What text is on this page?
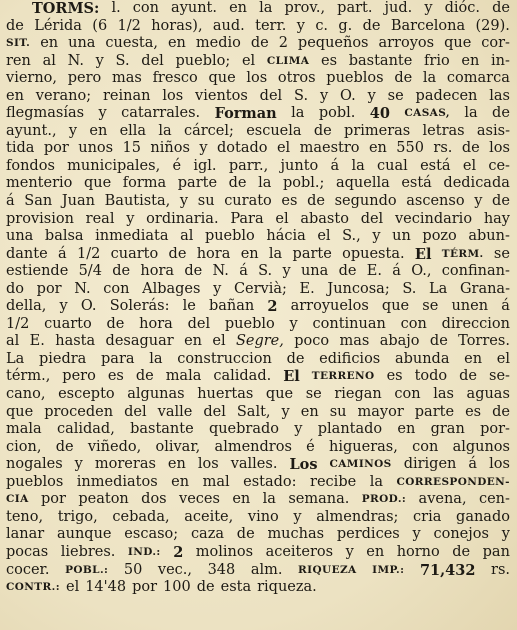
TORMS: l. con ayunt. en la prov., part. jud. y dióc. de
de Lérida (6 1/2 horas), aud. terr. y c. g. de Barcelona (29).
SIT. en una cuesta, en medio de 2 pequeños arroyos que cor-
ren al N. y S. del pueblo; el CLIMA es bastante frio en in-
vierno, pero mas fresco que los otros pueblos de la comarca
en verano; reinan los vientos del S. y O. y se padecen las
flegmasías y catarrales. Forman la pobl. 40 CASAS, la de
ayunt., y en ella la cárcel; escuela de primeras letras asis-
tida por unos 15 niños y dotado el maestro en 550 rs. de los
fondos municipales, é igl. parr., junto á la cual está el ce-
menterio que forma parte de la pobl.; aquella está dedicada
á San Juan Bautista, y su curato es de segundo ascenso y de
provision real y ordinaria. Para el abasto del vecindario hay
una balsa inmediata al pueblo hácia el S., y un pozo abun-
dante á 1/2 cuarto de hora en la parte opuesta. El TÉRM. se
estiende 5/4 de hora de N. á S. y una de E. á O., confinan-
do por N. con Albages y Cervià; E. Juncosa; S. La Grana-
della, y O. Solerás: le bañan 2 arroyuelos que se unen á
1/2 cuarto de hora del pueblo y continuan con direccion
al E. hasta desaguar en el Segre, poco mas abajo de Torres.
La piedra para la construccion de edificios abunda en el
térm., pero es de mala calidad. El TERRENO es todo de se-
cano, escepto algunas huertas que se riegan con las aguas
que proceden del valle del Salt, y en su mayor parte es de
mala calidad, bastante quebrado y plantado en gran por-
cion, de viñedo, olivar, almendros é higueras, con algunos
nogales y moreras en los valles. Los CAMINOS dirigen á los
pueblos inmediatos en mal estado: recibe la CORRESPONDEN-
CIA por peaton dos veces en la semana. PROD.: avena, cen-
teno, trigo, cebada, aceite, vino y almendras; cria ganado
lanar aunque escaso; caza de muchas perdices y conejos y
pocas liebres. IND.: 2 molinos aceiteros y en horno de pan
cocer. POBL.: 50 vec., 348 alm. RIQUEZA IMP.: 71,432 rs.
CONTR.: el 14'48 por 100 de esta riqueza.
